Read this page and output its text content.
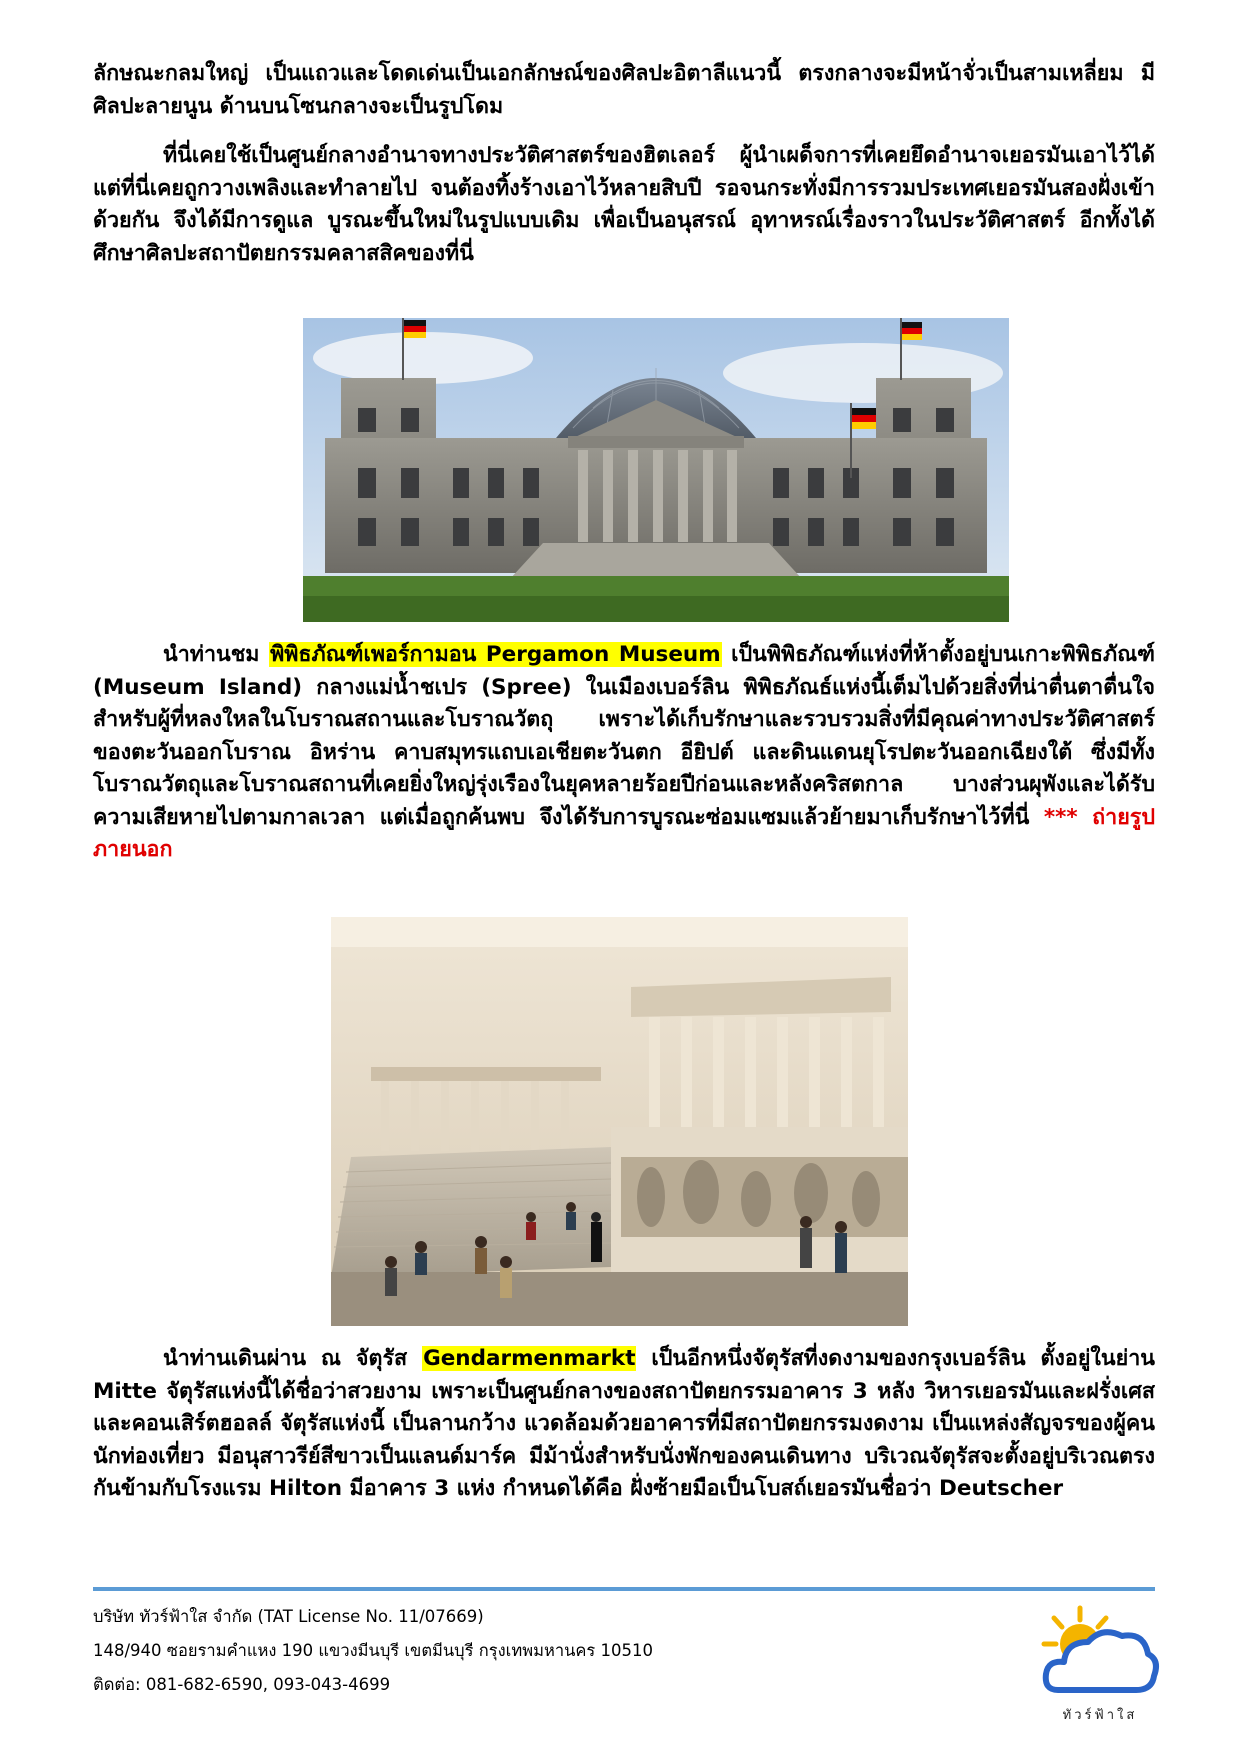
ลักษณะกลมใหญ่ เป็นแถวและโดดเด่นเป็นเอกลักษณ์ของศิลปะอิตาลีแนวนี้ ตรงกลางจะมีหน้าจั่วเป็นสามเหลี่ยม มีศิลปะลายนูน ด้านบนโซนกลางจะเป็นรูปโดม

ที่นี่เคยใช้เป็นศูนย์กลางอำนาจทางประวัติศาสตร์ของฮิตเลอร์ ผู้นำเผด็จการที่เคยยึดอำนาจเยอรมันเอาไว้ได้ แต่ที่นี่เคยถูกวางเพลิงและทำลายไป จนต้องทิ้งร้างเอาไว้หลายสิบปี รอจนกระทั่งมีการรวมประเทศเยอรมันสองฝั่งเข้าด้วยกัน จึงได้มีการดูแล บูรณะขึ้นใหม่ในรูปแบบเดิม เพื่อเป็นอนุสรณ์ อุทาหรณ์เรื่องราวในประวัติศาสตร์ อีกทั้งได้ศึกษาศิลปะสถาปัตยกรรมคลาสสิคของที่นี่

นำท่านชม พิพิธภัณฑ์เพอร์กามอน Pergamon Museum เป็นพิพิธภัณฑ์แห่งที่ห้าตั้งอยู่บนเกาะพิพิธภัณฑ์ (Museum Island) กลางแม่น้ำชเปร (Spree) ในเมืองเบอร์ลิน พิพิธภัณธ์แห่งนี้เต็มไปด้วยสิ่งที่น่าตื่นตาตื่นใจสำหรับผู้ที่หลงใหลในโบราณสถานและโบราณวัตถุ เพราะได้เก็บรักษาและรวบรวมสิ่งที่มีคุณค่าทางประวัติศาสตร์ของตะวันออกโบราณ อิหร่าน คาบสมุทรแถบเอเชียตะวันตก อียิปต์ และดินแดนยุโรปตะวันออกเฉียงใต้ ซึ่งมีทั้งโบราณวัตถุและโบราณสถานที่เคยยิ่งใหญ่รุ่งเรืองในยุคหลายร้อยปีก่อนและหลังคริสตกาล บางส่วนผุพังและได้รับความเสียหายไปตามกาลเวลา แต่เมื่อถูกค้นพบ จึงได้รับการบูรณะซ่อมแซมแล้วย้ายมาเก็บรักษาไว้ที่นี่ *** ถ่ายรูปภายนอก

นำท่านเดินผ่าน ณ จัตุรัส Gendarmenmarkt เป็นอีกหนึ่งจัตุรัสที่งดงามของกรุงเบอร์ลิน ตั้งอยู่ในย่าน Mitte จัตุรัสแห่งนี้ได้ชื่อว่าสวยงาม เพราะเป็นศูนย์กลางของสถาปัตยกรรมอาคาร 3 หลัง วิหารเยอรมันและฝรั่งเศส และคอนเสิร์ตฮอลล์ จัตุรัสแห่งนี้ เป็นลานกว้าง แวดล้อมด้วยอาคารที่มีสถาปัตยกรรมงดงาม เป็นแหล่งสัญจรของผู้คน นักท่องเที่ยว มีอนุสาวรีย์สีขาวเป็นแลนด์มาร์ค มีม้านั่งสำหรับนั่งพักของคนเดินทาง บริเวณจัตุรัสจะตั้งอยู่บริเวณตรงกันข้ามกับโรงแรม Hilton มีอาคาร 3 แห่ง กำหนดได้คือ ฝั่งซ้ายมือเป็นโบสถ์เยอรมันชื่อว่า Deutscher

บริษัท ทัวร์ฟ้าใส จำกัด (TAT License No. 11/07669)
148/940 ซอยรามคำแหง 190 แขวงมีนบุรี เขตมีนบุรี กรุงเทพมหานคร 10510
ติดต่อ: 081-682-6590, 093-043-4699
ทัวร์ฟ้าใส
